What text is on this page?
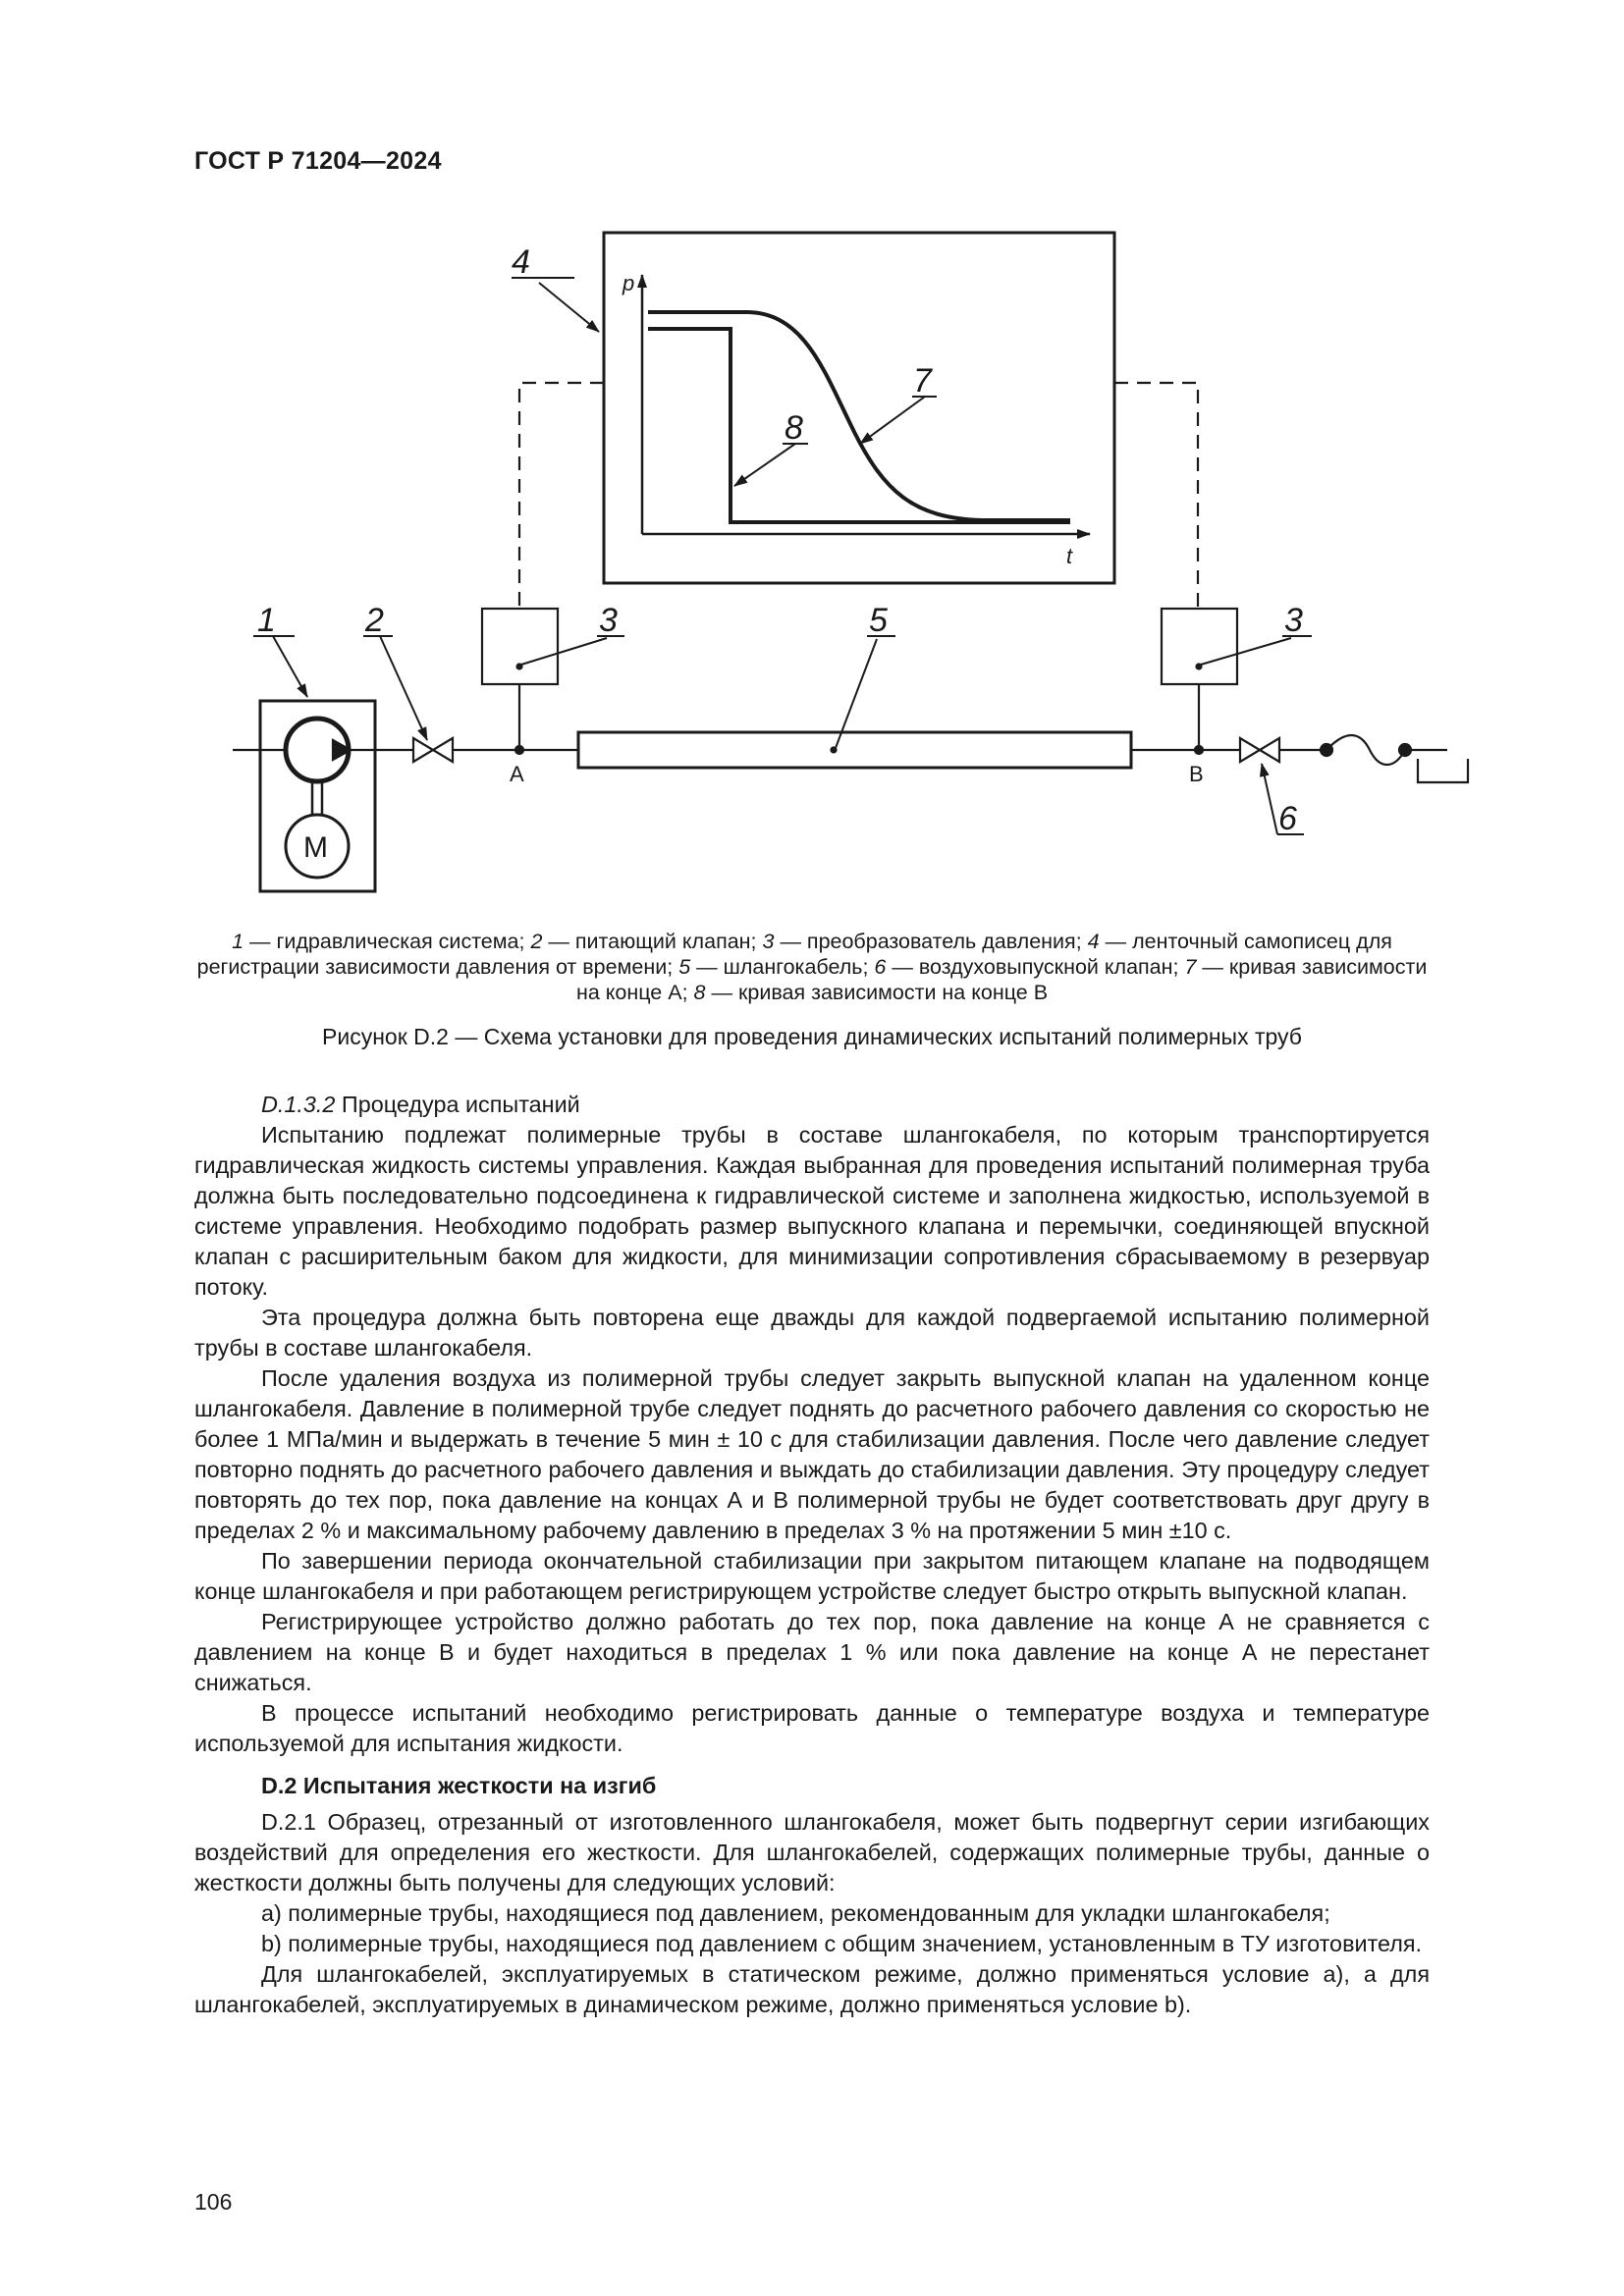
ГОСТ Р 71204—2024
4
1	2	3	5	3
6
7
8
p
t
A	B
M
1 — гидравлическая система; 2 — питающий клапан; 3 — преобразователь давления; 4 — ленточный самописец для регистрации зависимости давления от времени; 5 — шлангокабель; 6 — воздуховыпускной клапан; 7 — кривая зависимости на конце А; 8 — кривая зависимости на конце В
Рисунок D.2 — Схема установки для проведения динамических испытаний полимерных труб

D.1.3.2 Процедура испытаний

Испытанию подлежат полимерные трубы в составе шлангокабеля, по которым транспортируется гидравлическая жидкость системы управления. Каждая выбранная для проведения испытаний полимерная труба должна быть последовательно подсоединена к гидравлической системе и заполнена жидкостью, используемой в системе управления. Необходимо подобрать размер выпускного клапана и перемычки, соединяющей впускной клапан с расширительным баком для жидкости, для минимизации сопротивления сбрасываемому в резервуар потоку.

Эта процедура должна быть повторена еще дважды для каждой подвергаемой испытанию полимерной трубы в составе шлангокабеля.

После удаления воздуха из полимерной трубы следует закрыть выпускной клапан на удаленном конце шлангокабеля. Давление в полимерной трубе следует поднять до расчетного рабочего давления со скоростью не более 1 МПа/мин и выдержать в течение 5 мин ± 10 с для стабилизации давления. После чего давление следует повторно поднять до расчетного рабочего давления и выждать до стабилизации давления. Эту процедуру следует повторять до тех пор, пока давление на концах А и В полимерной трубы не будет соответствовать друг другу в пределах 2 % и максимальному рабочему давлению в пределах 3 % на протяжении 5 мин ±10 с.

По завершении периода окончательной стабилизации при закрытом питающем клапане на подводящем конце шлангокабеля и при работающем регистрирующем устройстве следует быстро открыть выпускной клапан.

Регистрирующее устройство должно работать до тех пор, пока давление на конце А не сравняется с давлением на конце В и будет находиться в пределах 1 % или пока давление на конце А не перестанет снижаться.

В процессе испытаний необходимо регистрировать данные о температуре воздуха и температуре используемой для испытания жидкости.

D.2 Испытания жесткости на изгиб

D.2.1 Образец, отрезанный от изготовленного шлангокабеля, может быть подвергнут серии изгибающих воздействий для определения его жесткости. Для шлангокабелей, содержащих полимерные трубы, данные о жесткости должны быть получены для следующих условий:

a) полимерные трубы, находящиеся под давлением, рекомендованным для укладки шлангокабеля;

b) полимерные трубы, находящиеся под давлением с общим значением, установленным в ТУ изготовителя.

Для шлангокабелей, эксплуатируемых в статическом режиме, должно применяться условие a), а для шлангокабелей, эксплуатируемых в динамическом режиме, должно применяться условие b).

106
